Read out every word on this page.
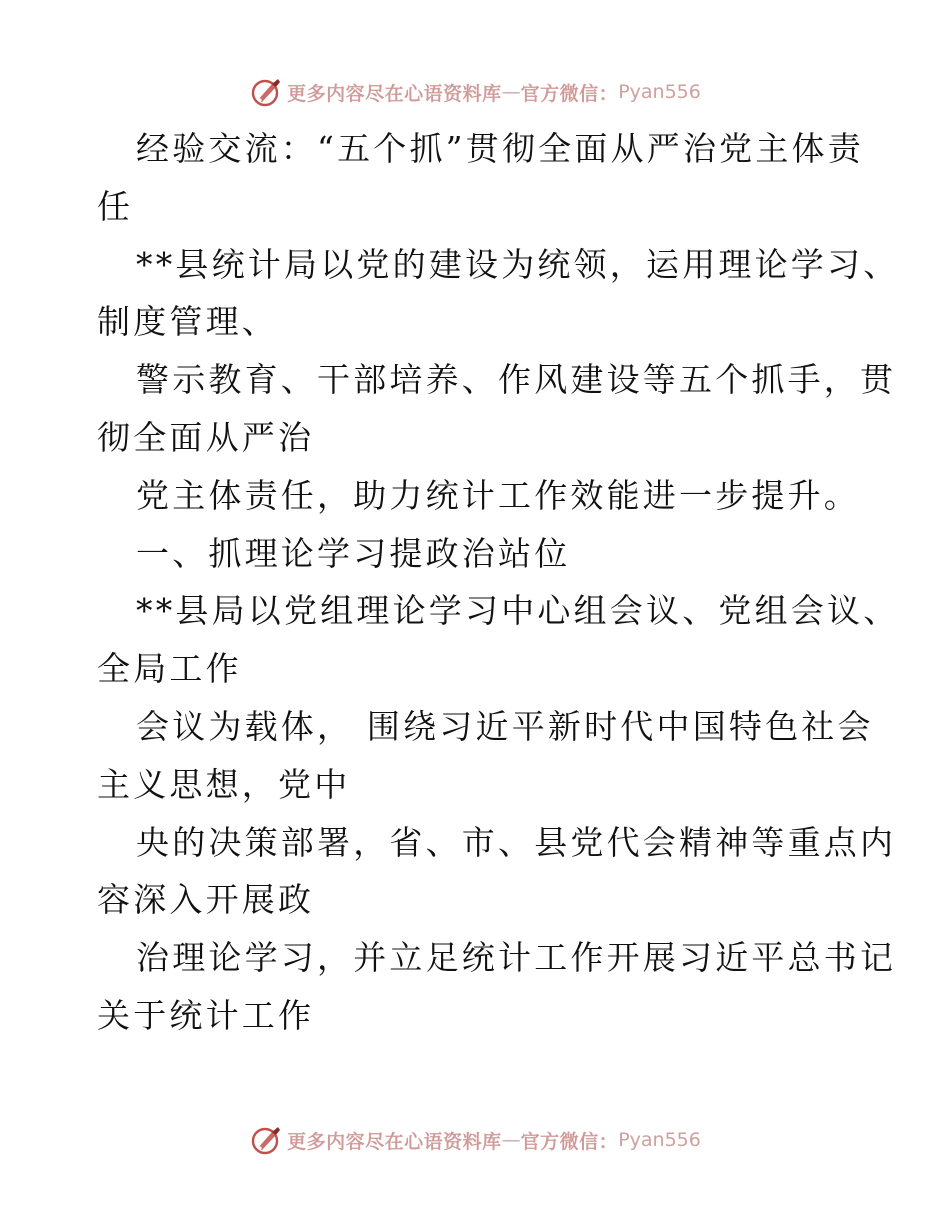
更多内容尽在心语资料库 — 官方微信： Pyan556

经验交流：“五个抓”贯彻全面从严治党主体责

任

**县统计局以党的建设为统领，运用理论学习、

制度管理、

警示教育、干部培养、作风建设等五个抓手，贯

彻全面从严治

党主体责任，助力统计工作效能进一步提升。

一、抓理论学习提政治站位

**县局以党组理论学习中心组会议、党组会议、

全局工作

会议为载体， 围绕习近平新时代中国特色社会

主义思想，党中

央的决策部署，省、市、县党代会精神等重点内

容深入开展政

治理论学习，并立足统计工作开展习近平总书记

关于统计工作

更多内容尽在心语资料库 — 官方微信： Pyan556
